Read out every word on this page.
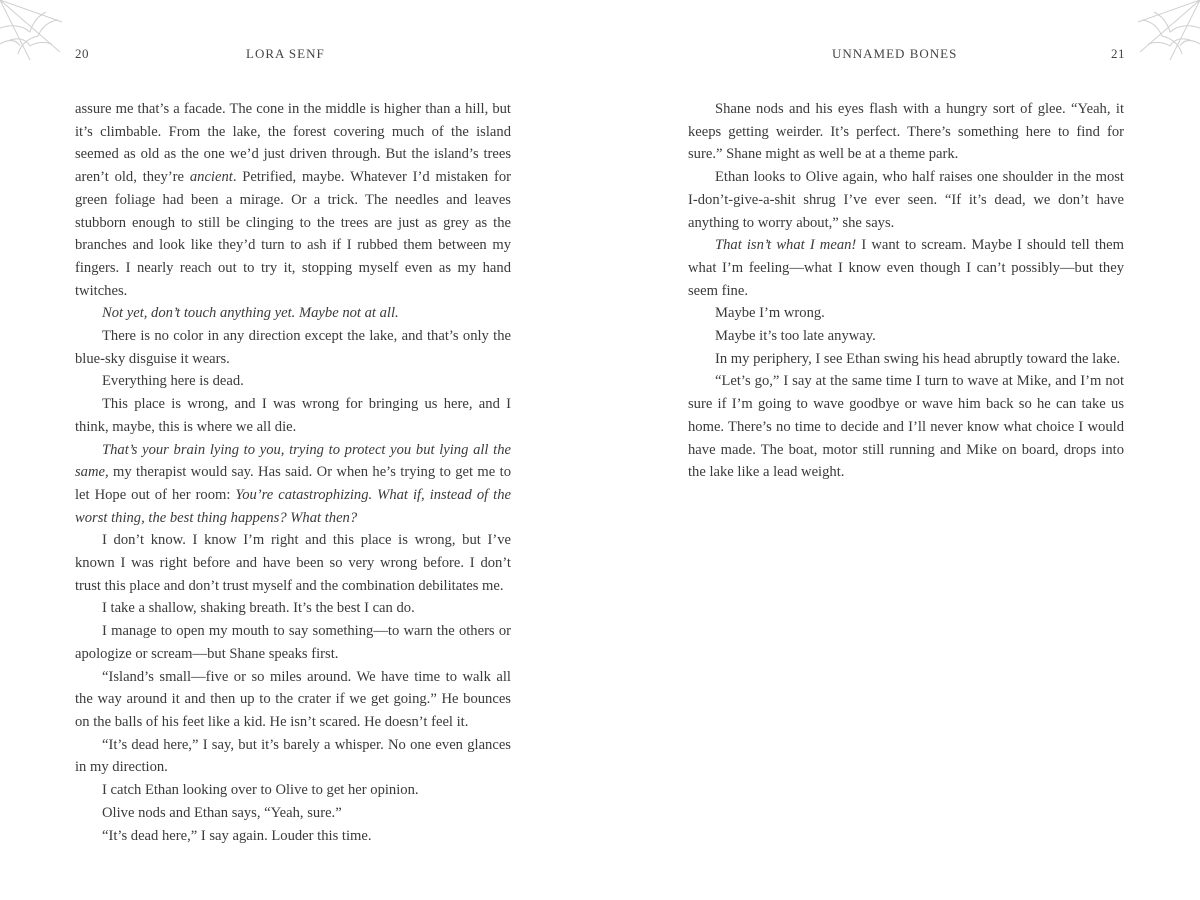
20	LORA SENF

assure me that’s a facade. The cone in the middle is higher than a hill, but it’s climbable. From the lake, the forest covering much of the island seemed as old as the one we’d just driven through. But the island’s trees aren’t old, they’re ancient. Petrified, maybe. Whatever I’d mistaken for green foliage had been a mirage. Or a trick. The needles and leaves stubborn enough to still be clinging to the trees are just as grey as the branches and look like they’d turn to ash if I rubbed them between my fingers. I nearly reach out to try it, stopping myself even as my hand twitches.

Not yet, don’t touch anything yet. Maybe not at all.

There is no color in any direction except the lake, and that’s only the blue-sky disguise it wears.

Everything here is dead.

This place is wrong, and I was wrong for bringing us here, and I think, maybe, this is where we all die.

That’s your brain lying to you, trying to protect you but lying all the same, my therapist would say. Has said. Or when he’s trying to get me to let Hope out of her room: You’re catastrophizing. What if, instead of the worst thing, the best thing happens? What then?

I don’t know. I know I’m right and this place is wrong, but I’ve known I was right before and have been so very wrong before. I don’t trust this place and don’t trust myself and the combination debilitates me.

I take a shallow, shaking breath. It’s the best I can do.

I manage to open my mouth to say something—to warn the others or apologize or scream—but Shane speaks first.

“Island’s small—five or so miles around. We have time to walk all the way around it and then up to the crater if we get going.” He bounces on the balls of his feet like a kid. He isn’t scared. He doesn’t feel it.

“It’s dead here,” I say, but it’s barely a whisper. No one even glances in my direction.

I catch Ethan looking over to Olive to get her opinion.

Olive nods and Ethan says, “Yeah, sure.”

“It’s dead here,” I say again. Louder this time.

UNNAMED BONES	21

Shane nods and his eyes flash with a hungry sort of glee. “Yeah, it keeps getting weirder. It’s perfect. There’s something here to find for sure.” Shane might as well be at a theme park.

Ethan looks to Olive again, who half raises one shoulder in the most I-don’t-give-a-shit shrug I’ve ever seen. “If it’s dead, we don’t have anything to worry about,” she says.

That isn’t what I mean! I want to scream. Maybe I should tell them what I’m feeling—what I know even though I can’t possibly—but they seem fine.

Maybe I’m wrong.

Maybe it’s too late anyway.

In my periphery, I see Ethan swing his head abruptly toward the lake.

“Let’s go,” I say at the same time I turn to wave at Mike, and I’m not sure if I’m going to wave goodbye or wave him back so he can take us home. There’s no time to decide and I’ll never know what choice I would have made. The boat, motor still running and Mike on board, drops into the lake like a lead weight.
